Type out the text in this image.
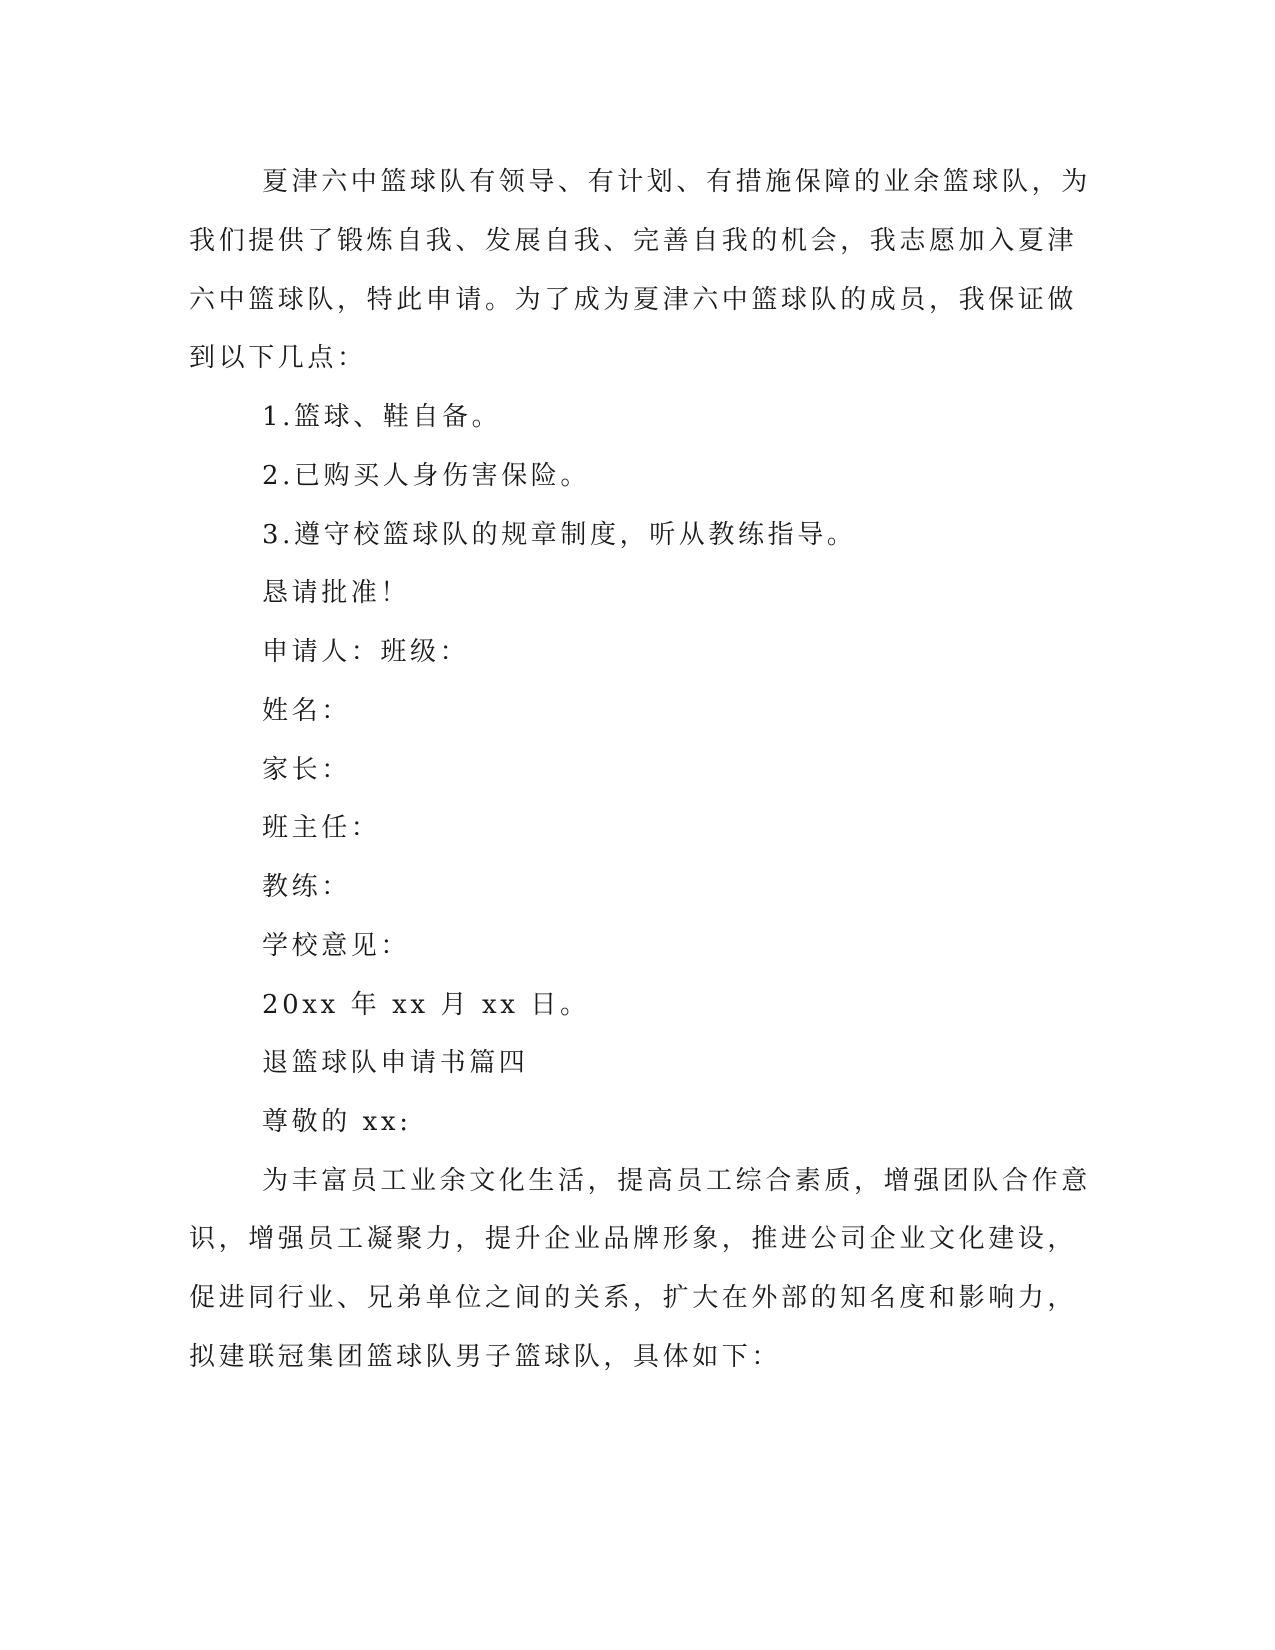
夏津六中篮球队有领导、有计划、有措施保障的业余篮球队，为

我们提供了锻炼自我、发展自我、完善自我的机会，我志愿加入夏津

六中篮球队，特此申请。为了成为夏津六中篮球队的成员，我保证做

到以下几点：

1.篮球、鞋自备。

2.已购买人身伤害保险。

3.遵守校篮球队的规章制度，听从教练指导。

恳请批准！

申请人：班级：

姓名：

家长：

班主任：

教练：

学校意见：

20xx 年 xx 月 xx 日。

退篮球队申请书篇四

尊敬的 xx:

为丰富员工业余文化生活，提高员工综合素质，增强团队合作意

识，增强员工凝聚力，提升企业品牌形象，推进公司企业文化建设，

促进同行业、兄弟单位之间的关系，扩大在外部的知名度和影响力，

拟建联冠集团篮球队男子篮球队，具体如下：
